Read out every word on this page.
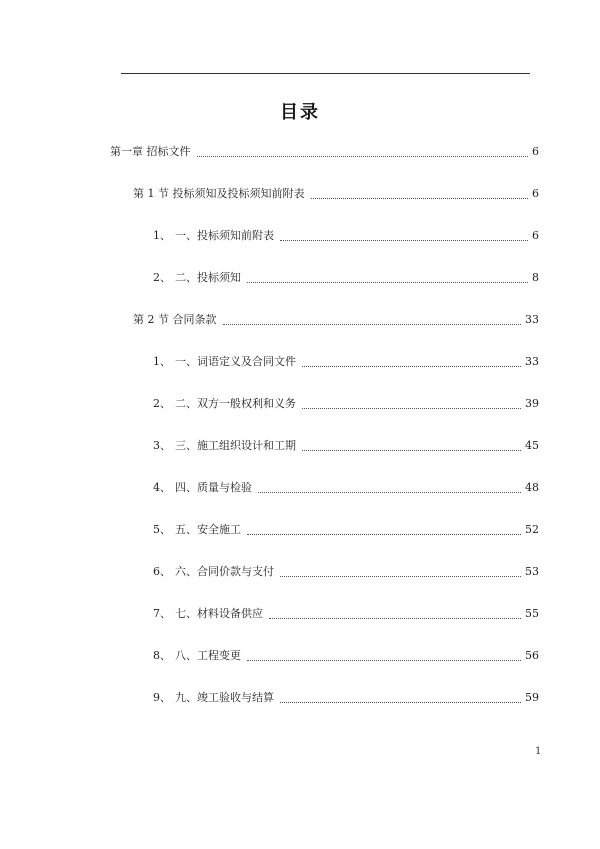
目录
第一章 招标文件	6
第 1 节 投标须知及投标须知前附表	6
1、 一、投标须知前附表	6
2、 二、投标须知	8
第 2 节 合同条款	33
1、 一、词语定义及合同文件	33
2、 二、双方一般权利和义务	39
3、 三、施工组织设计和工期	45
4、 四、质量与检验	48
5、 五、安全施工	52
6、 六、合同价款与支付	53
7、 七、材料设备供应	55
8、 八、工程变更	56
9、 九、竣工验收与结算	59
1
